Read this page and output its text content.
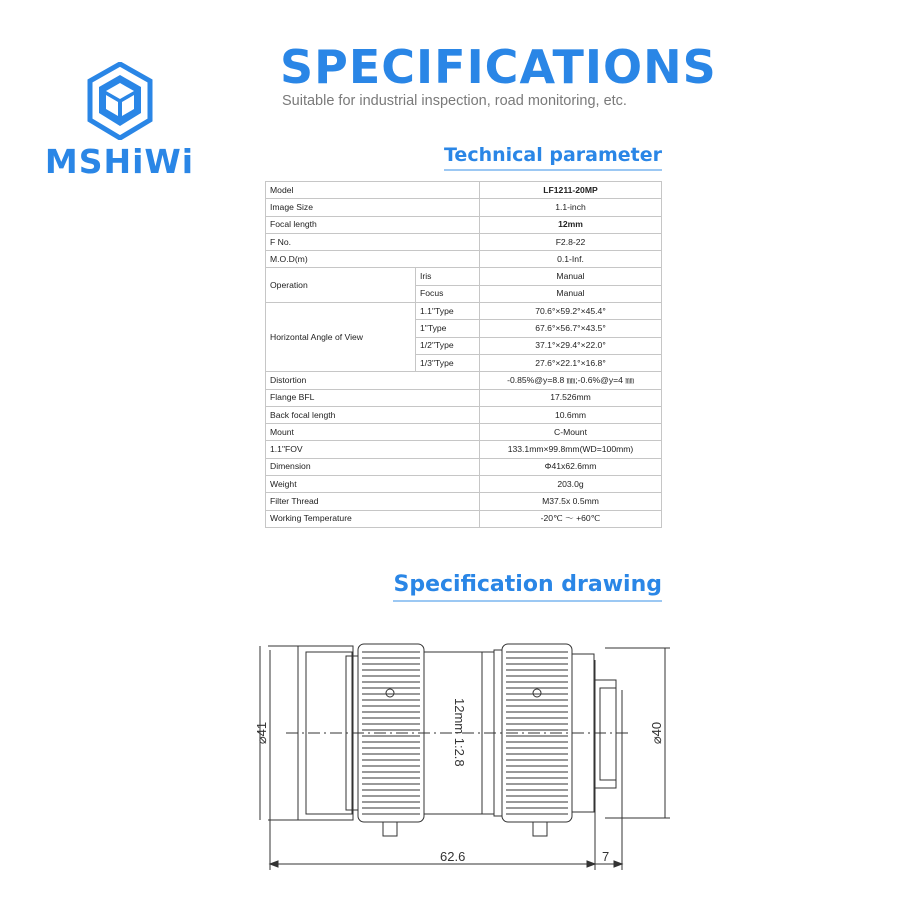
MSHiWi
SPECIFICATIONS
Suitable for industrial inspection, road monitoring, etc.
Technical parameter
Model		LF1211-20MP
Image Size		1.1-inch
Focal length		12mm
F No.		F2.8-22
M.O.D(m)		0.1-Inf.
Operation	Iris	Manual
	Focus	Manual
Horizontal Angle of View	1.1"Type	70.6°×59.2°×45.4°
	1"Type	67.6°×56.7°×43.5°
	1/2"Type	37.1°×29.4°×22.0°
	1/3"Type	27.6°×22.1°×16.8°
Distortion		-0.85%@y=8.8 ㎜;-0.6%@y=4 ㎜
Flange BFL		17.526mm
Back focal length		10.6mm
Mount		C-Mount
1.1"FOV		133.1mm×99.8mm(WD=100mm)
Dimension		Φ41x62.6mm
Weight		203.0g
Filter Thread		M37.5x 0.5mm
Working Temperature		-20℃ ～ +60℃
Specification drawing
62.6	7
⌀41	⌀40
12mm 1:2.8
